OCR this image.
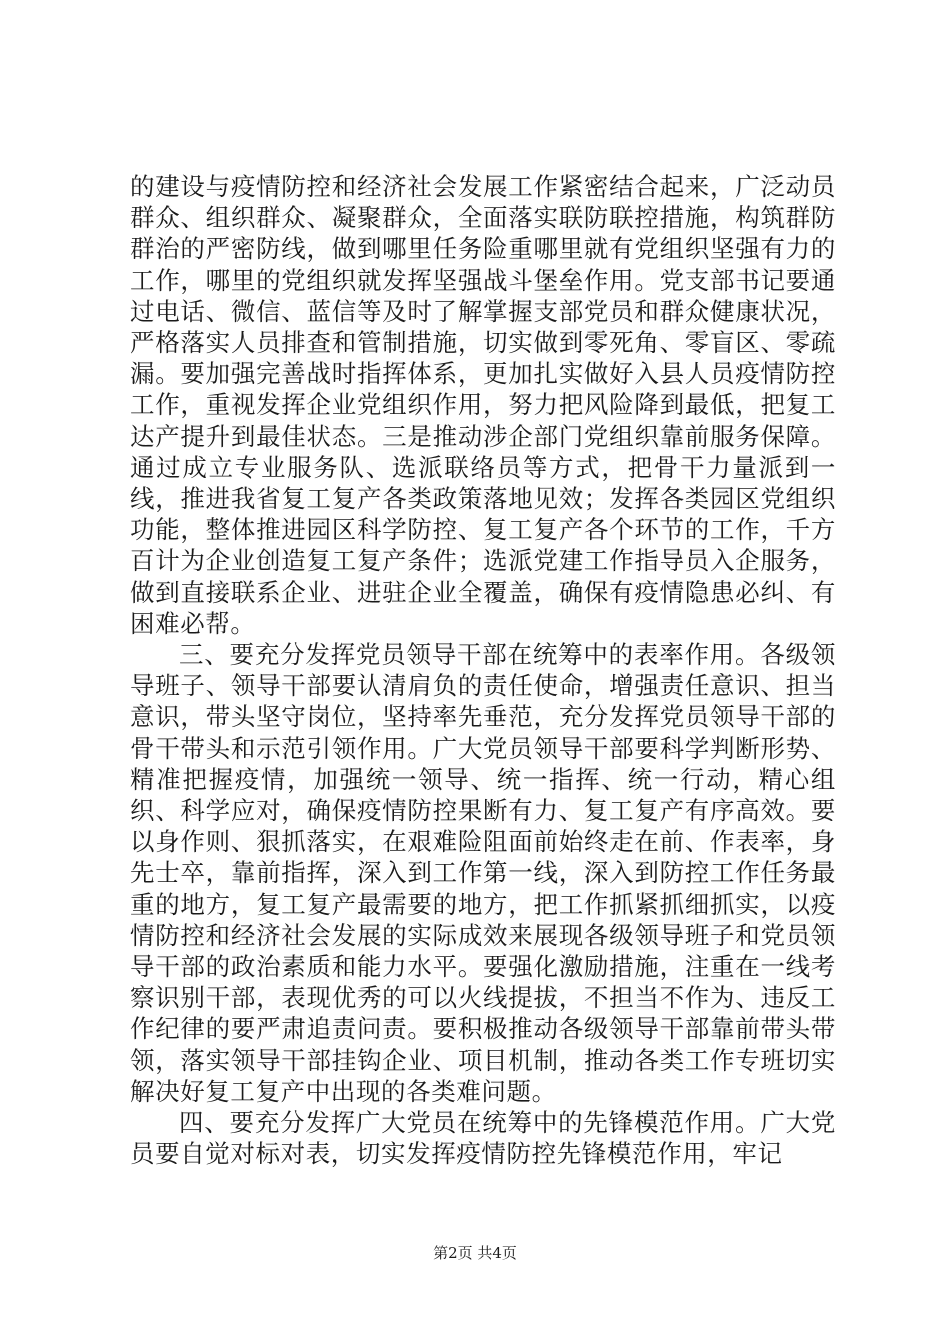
的建设与疫情防控和经济社会发展工作紧密结合起来，广泛动员群众、组织群众、凝聚群众，全面落实联防联控措施，构筑群防群治的严密防线，做到哪里任务险重哪里就有党组织坚强有力的工作，哪里的党组织就发挥坚强战斗堡垒作用。党支部书记要通过电话、微信、蓝信等及时了解掌握支部党员和群众健康状况，严格落实人员排查和管制措施，切实做到零死角、零盲区、零疏漏。要加强完善战时指挥体系，更加扎实做好入县人员疫情防控工作，重视发挥企业党组织作用，努力把风险降到最低，把复工达产提升到最佳状态。三是推动涉企部门党组织靠前服务保障。通过成立专业服务队、选派联络员等方式，把骨干力量派到一线，推进我省复工复产各类政策落地见效；发挥各类园区党组织功能，整体推进园区科学防控、复工复产各个环节的工作，千方百计为企业创造复工复产条件；选派党建工作指导员入企服务，做到直接联系企业、进驻企业全覆盖，确保有疫情隐患必纠、有困难必帮。

三、要充分发挥党员领导干部在统筹中的表率作用。各级领导班子、领导干部要认清肩负的责任使命，增强责任意识、担当意识，带头坚守岗位，坚持率先垂范，充分发挥党员领导干部的骨干带头和示范引领作用。广大党员领导干部要科学判断形势、精准把握疫情，加强统一领导、统一指挥、统一行动，精心组织、科学应对，确保疫情防控果断有力、复工复产有序高效。要以身作则、狠抓落实，在艰难险阻面前始终走在前、作表率，身先士卒，靠前指挥，深入到工作第一线，深入到防控工作任务最重的地方，复工复产最需要的地方，把工作抓紧抓细抓实，以疫情防控和经济社会发展的实际成效来展现各级领导班子和党员领导干部的政治素质和能力水平。要强化激励措施，注重在一线考察识别干部，表现优秀的可以火线提拔，不担当不作为、违反工作纪律的要严肃追责问责。要积极推动各级领导干部靠前带头带领，落实领导干部挂钩企业、项目机制，推动各类工作专班切实解决好复工复产中出现的各类难问题。

四、要充分发挥广大党员在统筹中的先锋模范作用。广大党员要自觉对标对表，切实发挥疫情防控先锋模范作用，牢记

第2页 共4页
